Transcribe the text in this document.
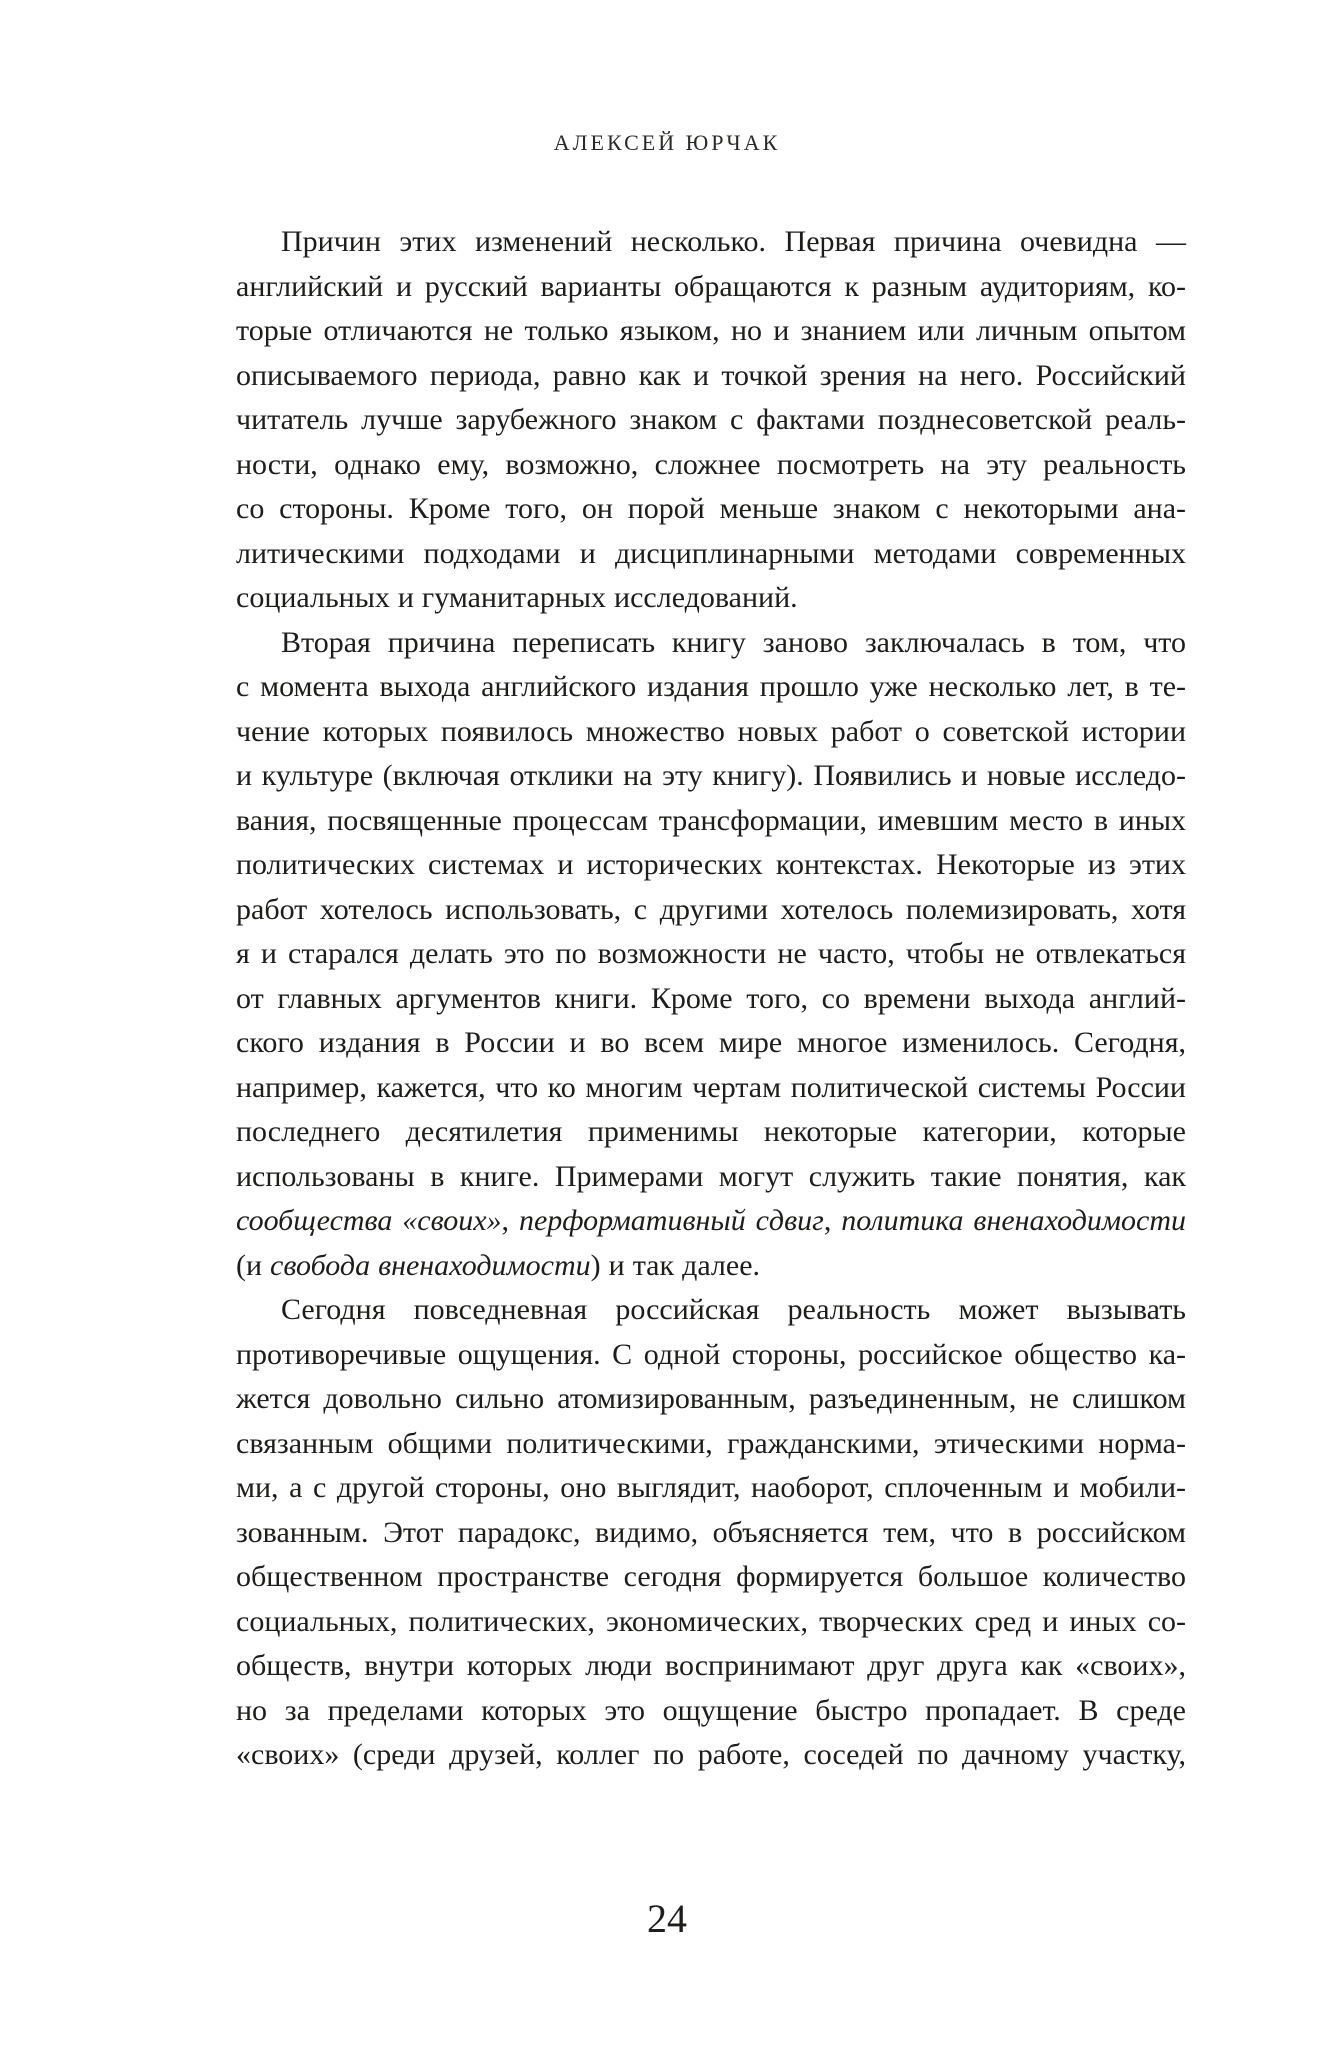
АЛЕКСЕЙ ЮРЧАК

Причин этих изменений несколько. Первая причина очевидна —
английский и русский варианты обращаются к разным аудиториям, ко-
торые отличаются не только языком, но и знанием или личным опытом
описываемого периода, равно как и точкой зрения на него. Российский
читатель лучше зарубежного знаком с фактами позднесоветской реаль-
ности, однако ему, возможно, сложнее посмотреть на эту реальность
со стороны. Кроме того, он порой меньше знаком с некоторыми ана-
литическими подходами и дисциплинарными методами современных
социальных и гуманитарных исследований.

Вторая причина переписать книгу заново заключалась в том, что
с момента выхода английского издания прошло уже несколько лет, в те-
чение которых появилось множество новых работ о советской истории
и культуре (включая отклики на эту книгу). Появились и новые исследо-
вания, посвященные процессам трансформации, имевшим место в иных
политических системах и исторических контекстах. Некоторые из этих
работ хотелось использовать, с другими хотелось полемизировать, хотя
я и старался делать это по возможности не часто, чтобы не отвлекаться
от главных аргументов книги. Кроме того, со времени выхода англий-
ского издания в России и во всем мире многое изменилось. Сегодня,
например, кажется, что ко многим чертам политической системы России
последнего десятилетия применимы некоторые категории, которые
использованы в книге. Примерами могут служить такие понятия, как
сообщества «своих», перформативный сдвиг, политика вненаходимости
(и свобода вненаходимости) и так далее.

Сегодня повседневная российская реальность может вызывать
противоречивые ощущения. С одной стороны, российское общество ка-
жется довольно сильно атомизированным, разъединенным, не слишком
связанным общими политическими, гражданскими, этическими норма-
ми, а с другой стороны, оно выглядит, наоборот, сплоченным и мобили-
зованным. Этот парадокс, видимо, объясняется тем, что в российском
общественном пространстве сегодня формируется большое количество
социальных, политических, экономических, творческих сред и иных со-
обществ, внутри которых люди воспринимают друг друга как «своих»,
но за пределами которых это ощущение быстро пропадает. В среде
«своих» (среди друзей, коллег по работе, соседей по дачному участку,

24
